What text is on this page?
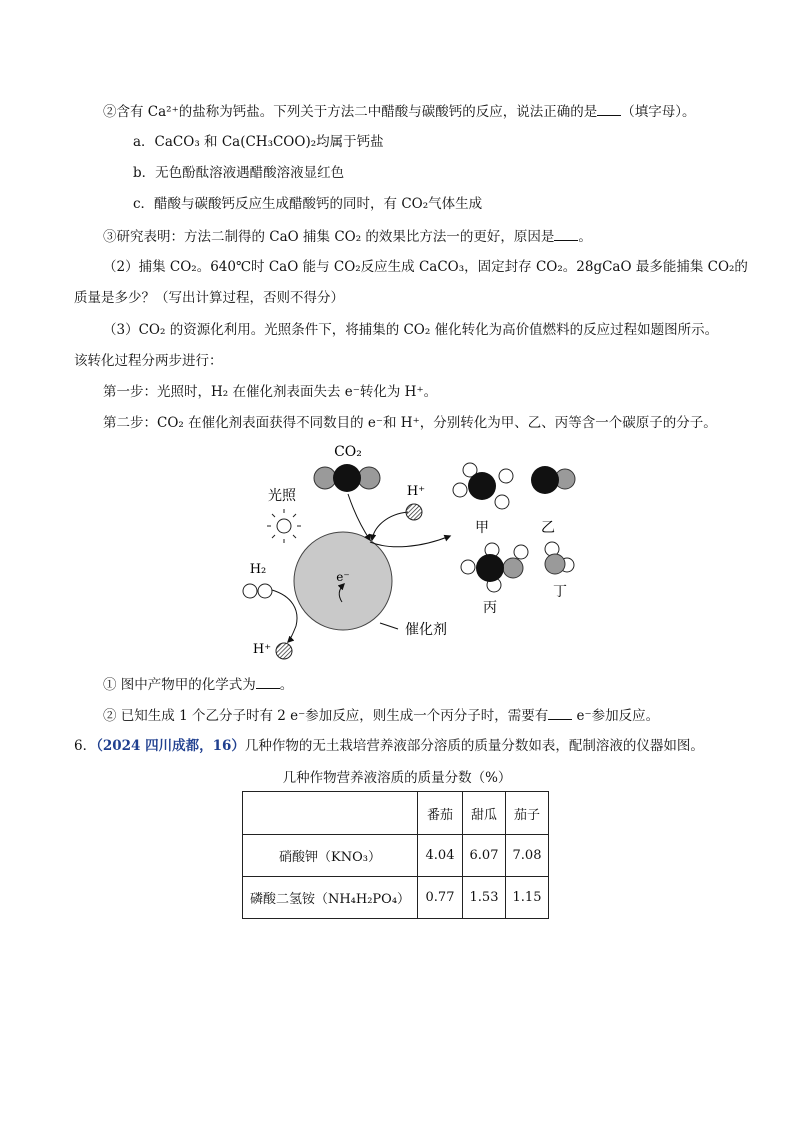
②含有 Ca²⁺的盐称为钙盐。下列关于方法二中醋酸与碳酸钙的反应，说法正确的是 （填字母）。
a．CaCO₃ 和 Ca(CH₃COO)₂均属于钙盐
b．无色酚酞溶液遇醋酸溶液显红色
c．醋酸与碳酸钙反应生成醋酸钙的同时，有 CO₂气体生成
③研究表明：方法二制得的 CaO 捕集 CO₂ 的效果比方法一的更好，原因是 。
（2）捕集 CO₂。640℃时 CaO 能与 CO₂反应生成 CaCO₃，固定封存 CO₂。28gCaO 最多能捕集 CO₂的
质量是多少？（写出计算过程，否则不得分）
（3）CO₂ 的资源化利用。光照条件下，将捕集的 CO₂ 催化转化为高价值燃料的反应过程如题图所示。
该转化过程分两步进行：
第一步：光照时，H₂ 在催化剂表面失去 e⁻转化为 H⁺。
第二步：CO₂ 在催化剂表面获得不同数目的 e⁻和 H⁺，分别转化为甲、乙、丙等含一个碳原子的分子。
CO₂
光照	H⁺
e⁻
H₂
H⁺
催化剂
甲	乙
丙
丁
① 图中产物甲的化学式为 。
② 已知生成 1 个乙分子时有 2 e⁻参加反应，则生成一个丙分子时，需要有 e⁻参加反应。
6．（2024 四川成都，16）几种作物的无土栽培营养液部分溶质的质量分数如表，配制溶液的仪器如图。
几种作物营养液溶质的质量分数（%）
	番茄	甜瓜	茄子
硝酸钾（KNO₃）	4.04	6.07	7.08
磷酸二氢铵（NH₄H₂PO₄）	0.77	1.53	1.15
